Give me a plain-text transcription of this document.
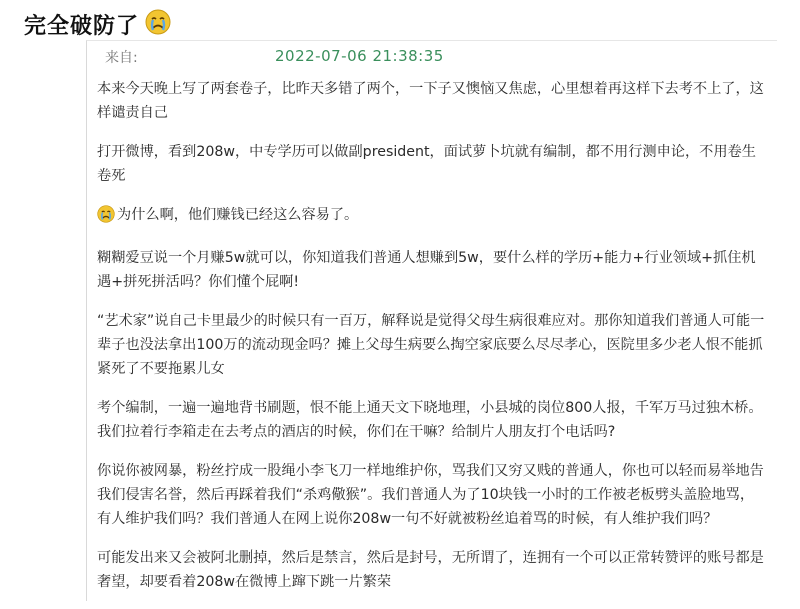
完全破防了
来自:	2022-07-06 21:38:35

本来今天晚上写了两套卷子，比昨天多错了两个，一下子又懊恼又焦虑，心里想着再这样下去考不上了，这样谴责自己

打开微博，看到208w，中专学历可以做副president，面试萝卜坑就有编制，都不用行测申论，不用卷生卷死

为什么啊，他们赚钱已经这么容易了。

糊糊爱豆说一个月赚5w就可以，你知道我们普通人想赚到5w，要什么样的学历+能力+行业领域+抓住机遇+拼死拼活吗？你们懂个屁啊!

“艺术家”说自己卡里最少的时候只有一百万，解释说是觉得父母生病很难应对。那你知道我们普通人可能一辈子也没法拿出100万的流动现金吗？摊上父母生病要么掏空家底要么尽尽孝心，医院里多少老人恨不能抓紧死了不要拖累儿女

考个编制，一遍一遍地背书刷题，恨不能上通天文下晓地理，小县城的岗位800人报，千军万马过独木桥。我们拉着行李箱走在去考点的酒店的时候，你们在干嘛？给制片人朋友打个电话吗?

你说你被网暴，粉丝拧成一股绳小李飞刀一样地维护你，骂我们又穷又贱的普通人，你也可以轻而易举地告我们侵害名誉，然后再踩着我们“杀鸡儆猴”。我们普通人为了10块钱一小时的工作被老板劈头盖脸地骂，有人维护我们吗？我们普通人在网上说你208w一句不好就被粉丝追着骂的时候，有人维护我们吗？

可能发出来又会被阿北删掉，然后是禁言，然后是封号，无所谓了，连拥有一个可以正常转赞评的账号都是奢望，却要看着208w在微博上蹿下跳一片繁荣
